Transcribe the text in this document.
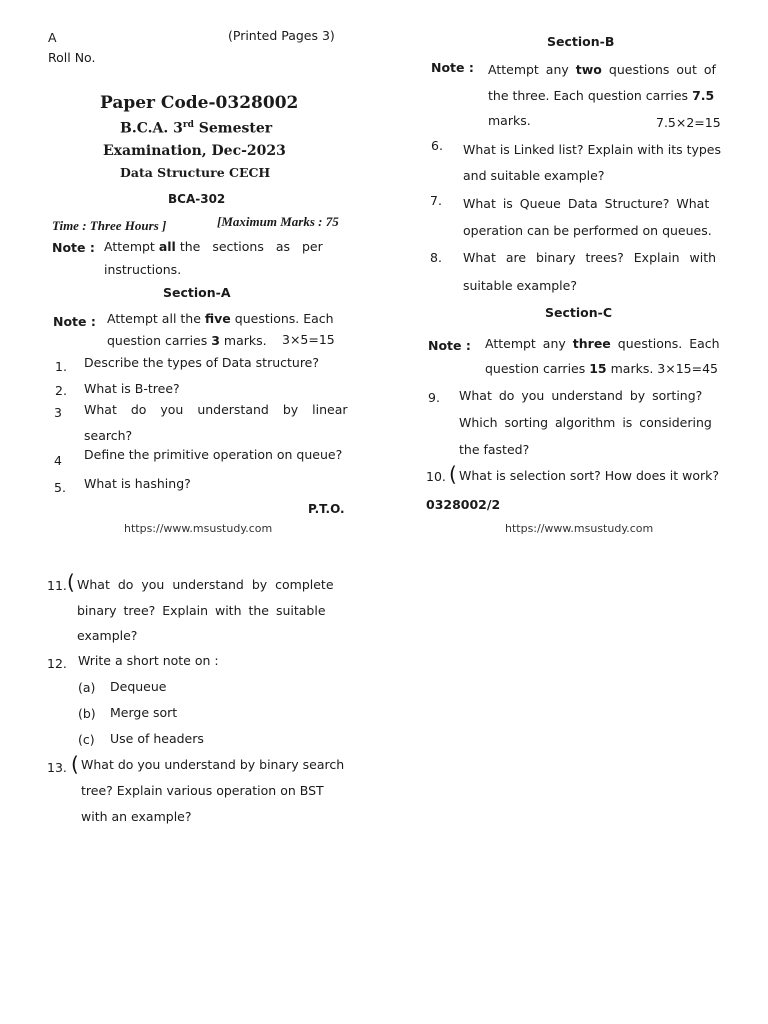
A	(Printed Pages 3)
Roll No.
Paper Code-0328002
B.C.A. 3rd Semester
Examination, Dec-2023
Data Structure CECH
BCA-302
Time : Three Hours ]	[Maximum Marks : 75
Note : Attempt all the sections as per
instructions.
Section-A
Note : Attempt all the five questions. Each
question carries 3 marks. 3×5=15
1. Describe the types of Data structure?
2. What is B-tree?
3 What do you understand by linear
search?
4 Define the primitive operation on queue?
5. What is hashing?
P.T.O.
https://www.msustudy.com
Section-B
Note : Attempt any two questions out of
the three. Each question carries 7.5
marks.	7.5×2=15
6. What is Linked list? Explain with its types
and suitable example?
7. What is Queue Data Structure? What
operation can be performed on queues.
8. What are binary trees? Explain with
suitable example?
Section-C
Note : Attempt any three questions. Each
question carries 15 marks. 3×15=45
9. What do you understand by sorting?
Which sorting algorithm is considering
the fasted?
10. ( What is selection sort? How does it work?
0328002/2
https://www.msustudy.com
11. ( What do you understand by complete
binary tree? Explain with the suitable
example?
12. Write a short note on :
(a) Dequeue
(b) Merge sort
(c) Use of headers
13. ( What do you understand by binary search
tree? Explain various operation on BST
with an example?
